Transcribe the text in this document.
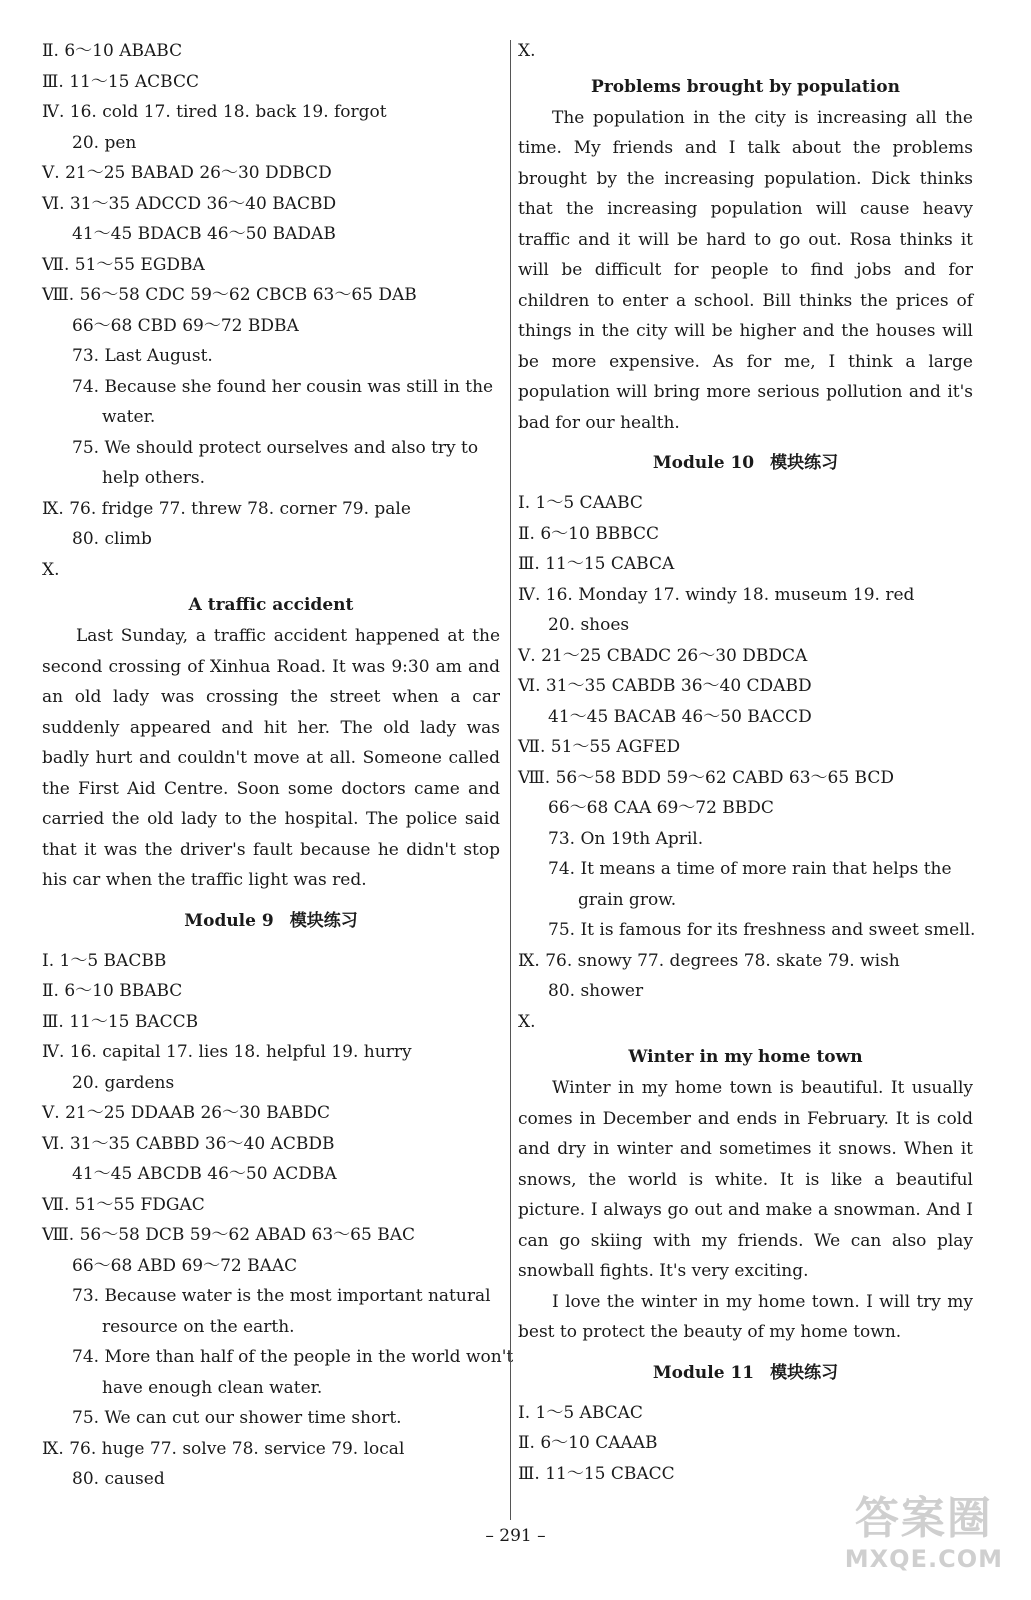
Ⅱ. 6～10 ABABC
Ⅲ. 11～15 ACBCC
Ⅳ. 16. cold 17. tired 18. back 19. forgot
20. pen
Ⅴ. 21～25 BABAD 26～30 DDBCD
Ⅵ. 31～35 ADCCD 36～40 BACBD
41～45 BDACB 46～50 BADAB
Ⅶ. 51～55 EGDBA
Ⅷ. 56～58 CDC 59～62 CBCB 63～65 DAB
66～68 CBD 69～72 BDBA
73. Last August.
74. Because she found her cousin was still in the
water.
75. We should protect ourselves and also try to
help others.
Ⅸ. 76. fridge 77. threw 78. corner 79. pale
80. climb
Ⅹ.
A traffic accident

Last Sunday, a traffic accident happened at the second crossing of Xinhua Road. It was 9:30 am and an old lady was crossing the street when a car suddenly appeared and hit her. The old lady was badly hurt and couldn't move at all. Someone called the First Aid Centre. Soon some doctors came and carried the old lady to the hospital. The police said that it was the driver's fault because he didn't stop his car when the traffic light was red.

Module 9 模块练习
Ⅰ. 1～5 BACBB
Ⅱ. 6～10 BBABC
Ⅲ. 11～15 BACCB
Ⅳ. 16. capital 17. lies 18. helpful 19. hurry
20. gardens
Ⅴ. 21～25 DDAAB 26～30 BABDC
Ⅵ. 31～35 CABBD 36～40 ACBDB
41～45 ABCDB 46～50 ACDBA
Ⅶ. 51～55 FDGAC
Ⅷ. 56～58 DCB 59～62 ABAD 63～65 BAC
66～68 ABD 69～72 BAAC
73. Because water is the most important natural
resource on the earth.
74. More than half of the people in the world won't
have enough clean water.
75. We can cut our shower time short.
Ⅸ. 76. huge 77. solve 78. service 79. local
80. caused
Ⅹ.
Problems brought by population

The population in the city is increasing all the time. My friends and I talk about the problems brought by the increasing population. Dick thinks that the increasing population will cause heavy traffic and it will be hard to go out. Rosa thinks it will be difficult for people to find jobs and for children to enter a school. Bill thinks the prices of things in the city will be higher and the houses will be more expensive. As for me, I think a large population will bring more serious pollution and it's bad for our health.

Module 10 模块练习
Ⅰ. 1～5 CAABC
Ⅱ. 6～10 BBBCC
Ⅲ. 11～15 CABCA
Ⅳ. 16. Monday 17. windy 18. museum 19. red
20. shoes
Ⅴ. 21～25 CBADC 26～30 DBDCA
Ⅵ. 31～35 CABDB 36～40 CDABD
41～45 BACAB 46～50 BACCD
Ⅶ. 51～55 AGFED
Ⅷ. 56～58 BDD 59～62 CABD 63～65 BCD
66～68 CAA 69～72 BBDC
73. On 19th April.
74. It means a time of more rain that helps the
grain grow.
75. It is famous for its freshness and sweet smell.
Ⅸ. 76. snowy 77. degrees 78. skate 79. wish
80. shower
Ⅹ.
Winter in my home town

Winter in my home town is beautiful. It usually comes in December and ends in February. It is cold and dry in winter and sometimes it snows. When it snows, the world is white. It is like a beautiful picture. I always go out and make a snowman. And I can go skiing with my friends. We can also play snowball fights. It's very exciting.

I love the winter in my home town. I will try my best to protect the beauty of my home town.

Module 11 模块练习
Ⅰ. 1～5 ABCAC
Ⅱ. 6～10 CAAAB
Ⅲ. 11～15 CBACC
– 291 –	答案圈
MXQE.COM
